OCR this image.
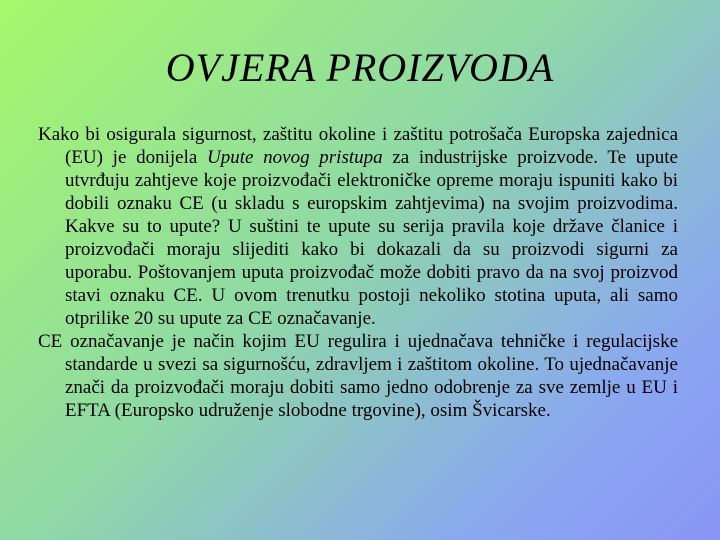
OVJERA PROIZVODA

Kako bi osigurala sigurnost, zaštitu okoline i zaštitu potrošača Europska zajednica (EU) je donijela Upute novog pristupa za industrijske proizvode. Te upute utvrđuju zahtjeve koje proizvođači elektroničke opreme moraju ispuniti kako bi dobili oznaku CE (u skladu s europskim zahtjevima) na svojim proizvodima. Kakve su to upute? U suštini te upute su serija pravila koje države članice i proizvođači moraju slijediti kako bi dokazali da su proizvodi sigurni za uporabu. Poštovanjem uputa proizvođač može dobiti pravo da na svoj proizvod stavi oznaku CE. U ovom trenutku postoji nekoliko stotina uputa, ali samo otprilike 20 su upute za CE označavanje.

CE označavanje je način kojim EU regulira i ujednačava tehničke i regulacijske standarde u svezi sa sigurnošću, zdravljem i zaštitom okoline. To ujednačavanje znači da proizvođači moraju dobiti samo jedno odobrenje za sve zemlje u EU i EFTA (Europsko udruženje slobodne trgovine), osim Švicarske.
